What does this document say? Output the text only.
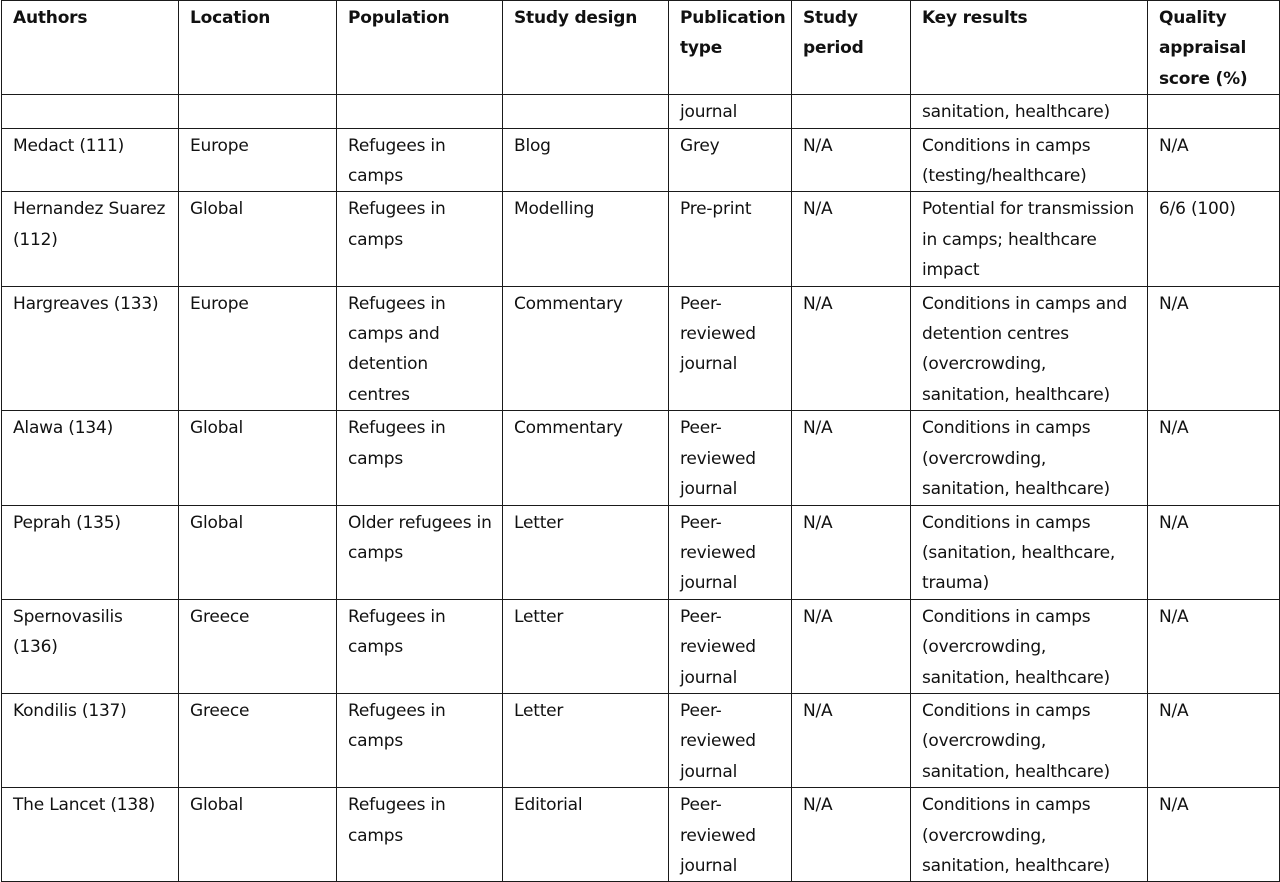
Authors	Location	Population	Study design	Publication type	Study period	Key results	Quality appraisal score (%)
				journal		sanitation, healthcare)	
Medact (111)	Europe	Refugees in camps	Blog	Grey	N/A	Conditions in camps (testing/healthcare)	N/A
Hernandez Suarez (112)	Global	Refugees in camps	Modelling	Pre-print	N/A	Potential for transmission in camps; healthcare impact	6/6 (100)
Hargreaves (133)	Europe	Refugees in camps and detention centres	Commentary	Peer-reviewed journal	N/A	Conditions in camps and detention centres (overcrowding, sanitation, healthcare)	N/A
Alawa (134)	Global	Refugees in camps	Commentary	Peer-reviewed journal	N/A	Conditions in camps (overcrowding, sanitation, healthcare)	N/A
Peprah (135)	Global	Older refugees in camps	Letter	Peer-reviewed journal	N/A	Conditions in camps (sanitation, healthcare, trauma)	N/A
Spernovasilis (136)	Greece	Refugees in camps	Letter	Peer-reviewed journal	N/A	Conditions in camps (overcrowding, sanitation, healthcare)	N/A
Kondilis (137)	Greece	Refugees in camps	Letter	Peer-reviewed journal	N/A	Conditions in camps (overcrowding, sanitation, healthcare)	N/A
The Lancet (138)	Global	Refugees in camps	Editorial	Peer-reviewed journal	N/A	Conditions in camps (overcrowding, sanitation, healthcare)	N/A
